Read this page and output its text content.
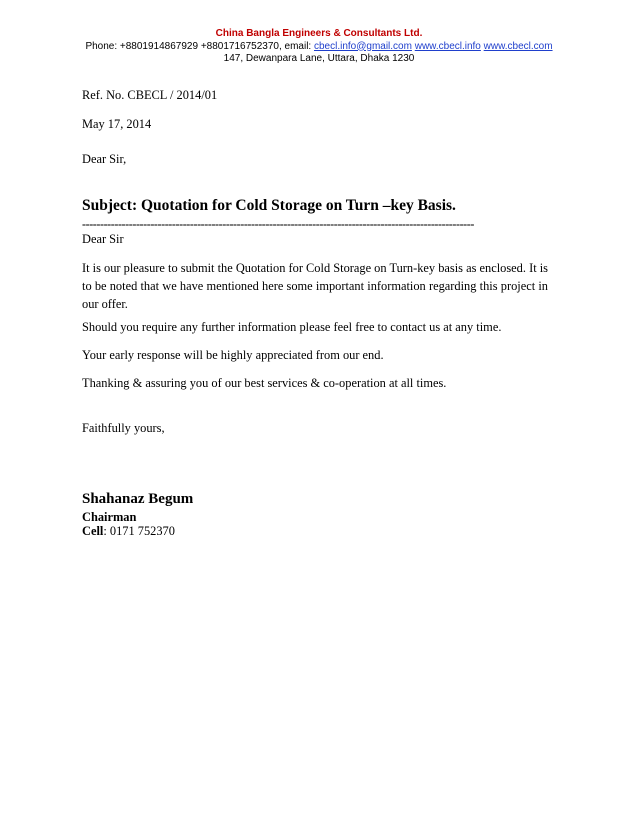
China Bangla Engineers & Consultants Ltd.
Phone: +8801914867929 +8801716752370, email: cbecl.info@gmail.com www.cbecl.info www.cbecl.com
147, Dewanpara Lane, Uttara, Dhaka 1230
Ref. No. CBECL / 2014/01
May 17, 2014
Dear Sir,
Subject: Quotation for Cold Storage on Turn –key Basis.
-------------------------------------------------------------------------------------------------------------
Dear Sir
It is our pleasure to submit the Quotation for Cold Storage on Turn-key basis as enclosed. It is to be noted that we have mentioned here some important information regarding this project in our offer.
Should you require any further information please feel free to contact us at any time.
Your early response will be highly appreciated from our end.
Thanking & assuring you of our best services & co-operation at all times.
Faithfully yours,
Shahanaz Begum
Chairman
Cell: 0171 752370
